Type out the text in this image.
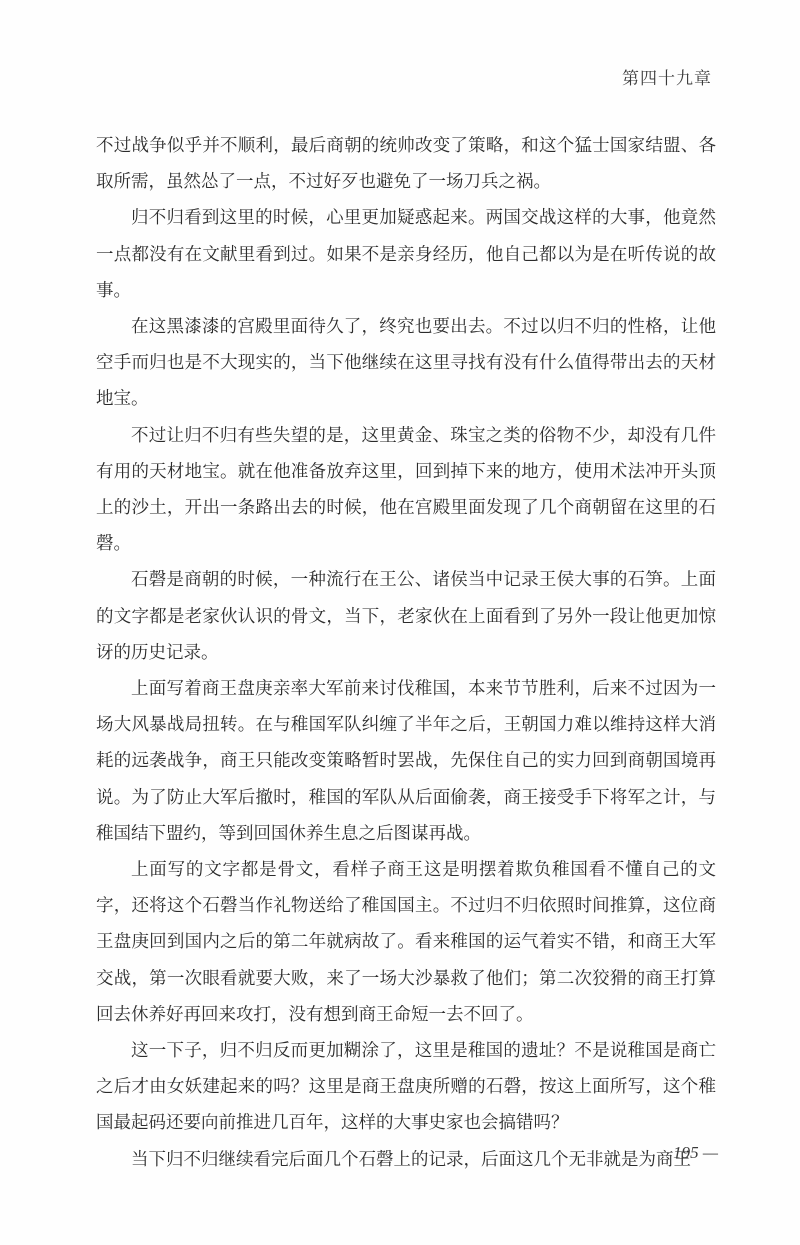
第四十九章

不过战争似乎并不顺利，最后商朝的统帅改变了策略，和这个猛士国家结盟、各取所需，虽然怂了一点，不过好歹也避免了一场刀兵之祸。

归不归看到这里的时候，心里更加疑惑起来。两国交战这样的大事，他竟然一点都没有在文献里看到过。如果不是亲身经历，他自己都以为是在听传说的故事。

在这黑漆漆的宫殿里面待久了，终究也要出去。不过以归不归的性格，让他空手而归也是不大现实的，当下他继续在这里寻找有没有什么值得带出去的天材地宝。

不过让归不归有些失望的是，这里黄金、珠宝之类的俗物不少，却没有几件有用的天材地宝。就在他准备放弃这里，回到掉下来的地方，使用术法冲开头顶上的沙土，开出一条路出去的时候，他在宫殿里面发现了几个商朝留在这里的石磬。

石磬是商朝的时候，一种流行在王公、诸侯当中记录王侯大事的石笋。上面的文字都是老家伙认识的骨文，当下，老家伙在上面看到了另外一段让他更加惊讶的历史记录。

上面写着商王盘庚亲率大军前来讨伐稚国，本来节节胜利，后来不过因为一场大风暴战局扭转。在与稚国军队纠缠了半年之后，王朝国力难以维持这样大消耗的远袭战争，商王只能改变策略暂时罢战，先保住自己的实力回到商朝国境再说。为了防止大军后撤时，稚国的军队从后面偷袭，商王接受手下将军之计，与稚国结下盟约，等到回国休养生息之后图谋再战。

上面写的文字都是骨文，看样子商王这是明摆着欺负稚国看不懂自己的文字，还将这个石磬当作礼物送给了稚国国主。不过归不归依照时间推算，这位商王盘庚回到国内之后的第二年就病故了。看来稚国的运气着实不错，和商王大军交战，第一次眼看就要大败，来了一场大沙暴救了他们；第二次狡猾的商王打算回去休养好再回来攻打，没有想到商王命短一去不回了。

这一下子，归不归反而更加糊涂了，这里是稚国的遗址？不是说稚国是商亡之后才由女妖建起来的吗？这里是商王盘庚所赠的石磬，按这上面所写，这个稚国最起码还要向前推进几百年，这样的大事史家也会搞错吗？

当下归不归继续看完后面几个石磬上的记录，后面这几个无非就是为商王

195 —
